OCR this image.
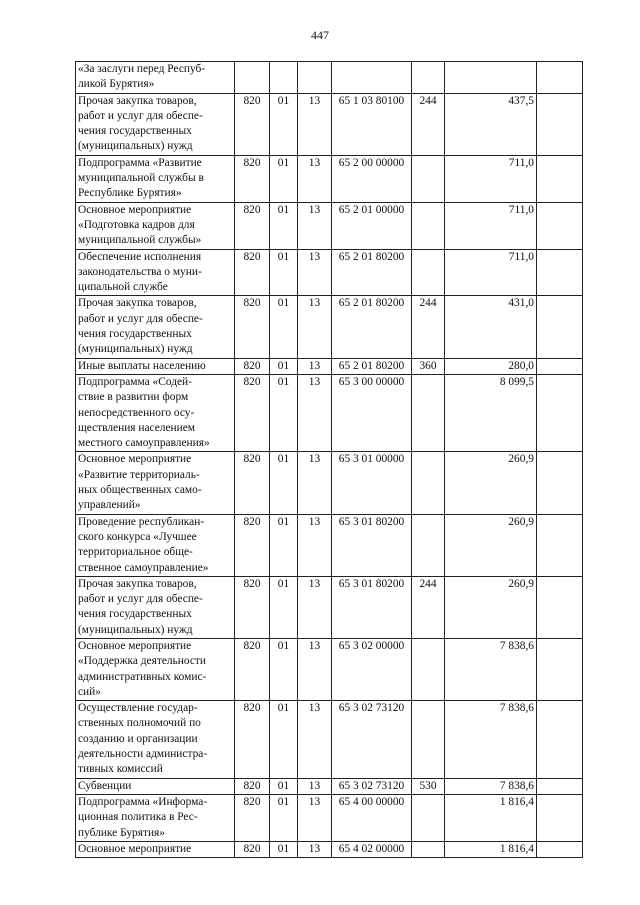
447
«За заслуги перед Респуб-
ликой Бурятия»							
Прочая закупка товаров,
работ и услуг для обеспе-
чения государственных
(муниципальных) нужд	820	01	13	65 1 03 80100	244	437,5	
Подпрограмма «Развитие
муниципальной службы в
Республике Бурятия»	820	01	13	65 2 00 00000		711,0	
Основное мероприятие
«Подготовка кадров для
муниципальной службы»	820	01	13	65 2 01 00000		711,0	
Обеспечение исполнения
законодательства о муни-
ципальной службе	820	01	13	65 2 01 80200		711,0	
Прочая закупка товаров,
работ и услуг для обеспе-
чения государственных
(муниципальных) нужд	820	01	13	65 2 01 80200	244	431,0	
Иные выплаты населению	820	01	13	65 2 01 80200	360	280,0	
Подпрограмма «Содей-
ствие в развитии форм
непосредственного осу-
ществления населением
местного самоуправления»	820	01	13	65 3 00 00000		8 099,5	
Основное мероприятие
«Развитие территориаль-
ных общественных само-
управлений»	820	01	13	65 3 01 00000		260,9	
Проведение республикан-
ского конкурса «Лучшее
территориальное обще-
ственное самоуправление»	820	01	13	65 3 01 80200		260,9	
Прочая закупка товаров,
работ и услуг для обеспе-
чения государственных
(муниципальных) нужд	820	01	13	65 3 01 80200	244	260,9	
Основное мероприятие
«Поддержка деятельности
административных комис-
сий»	820	01	13	65 3 02 00000		7 838,6	
Осуществление государ-
ственных полномочий по
созданию и организации
деятельности администра-
тивных комиссий	820	01	13	65 3 02 73120		7 838,6	
Субвенции	820	01	13	65 3 02 73120	530	7 838,6	
Подпрограмма «Информа-
ционная политика в Рес-
публике Бурятия»	820	01	13	65 4 00 00000		1 816,4	
Основное мероприятие	820	01	13	65 4 02 00000		1 816,4	
